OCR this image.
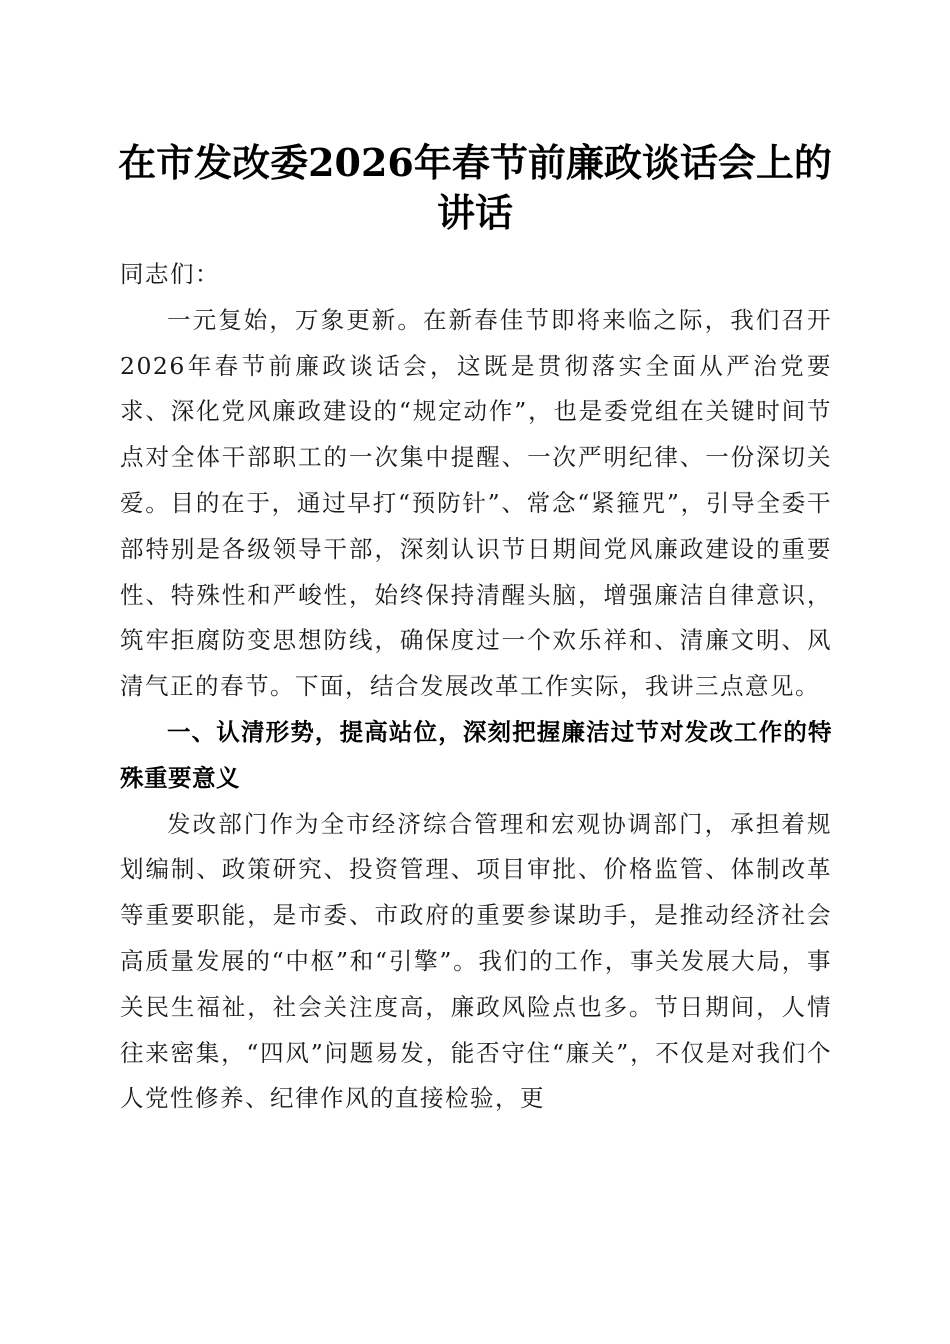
在市发改委2026年春节前廉政谈话会上的讲话

同志们：

一元复始，万象更新。在新春佳节即将来临之际，我们召开2026年春节前廉政谈话会，这既是贯彻落实全面从严治党要求、深化党风廉政建设的“规定动作”，也是委党组在关键时间节点对全体干部职工的一次集中提醒、一次严明纪律、一份深切关爱。目的在于，通过早打“预防针”、常念“紧箍咒”，引导全委干部特别是各级领导干部，深刻认识节日期间党风廉政建设的重要性、特殊性和严峻性，始终保持清醒头脑，增强廉洁自律意识，筑牢拒腐防变思想防线，确保度过一个欢乐祥和、清廉文明、风清气正的春节。下面，结合发展改革工作实际，我讲三点意见。

一、认清形势，提高站位，深刻把握廉洁过节对发改工作的特殊重要意义

发改部门作为全市经济综合管理和宏观协调部门，承担着规划编制、政策研究、投资管理、项目审批、价格监管、体制改革等重要职能，是市委、市政府的重要参谋助手，是推动经济社会高质量发展的“中枢”和“引擎”。我们的工作，事关发展大局，事关民生福祉，社会关注度高，廉政风险点也多。节日期间，人情往来密集，“四风”问题易发，能否守住“廉关”，不仅是对我们个人党性修养、纪律作风的直接检验，更
